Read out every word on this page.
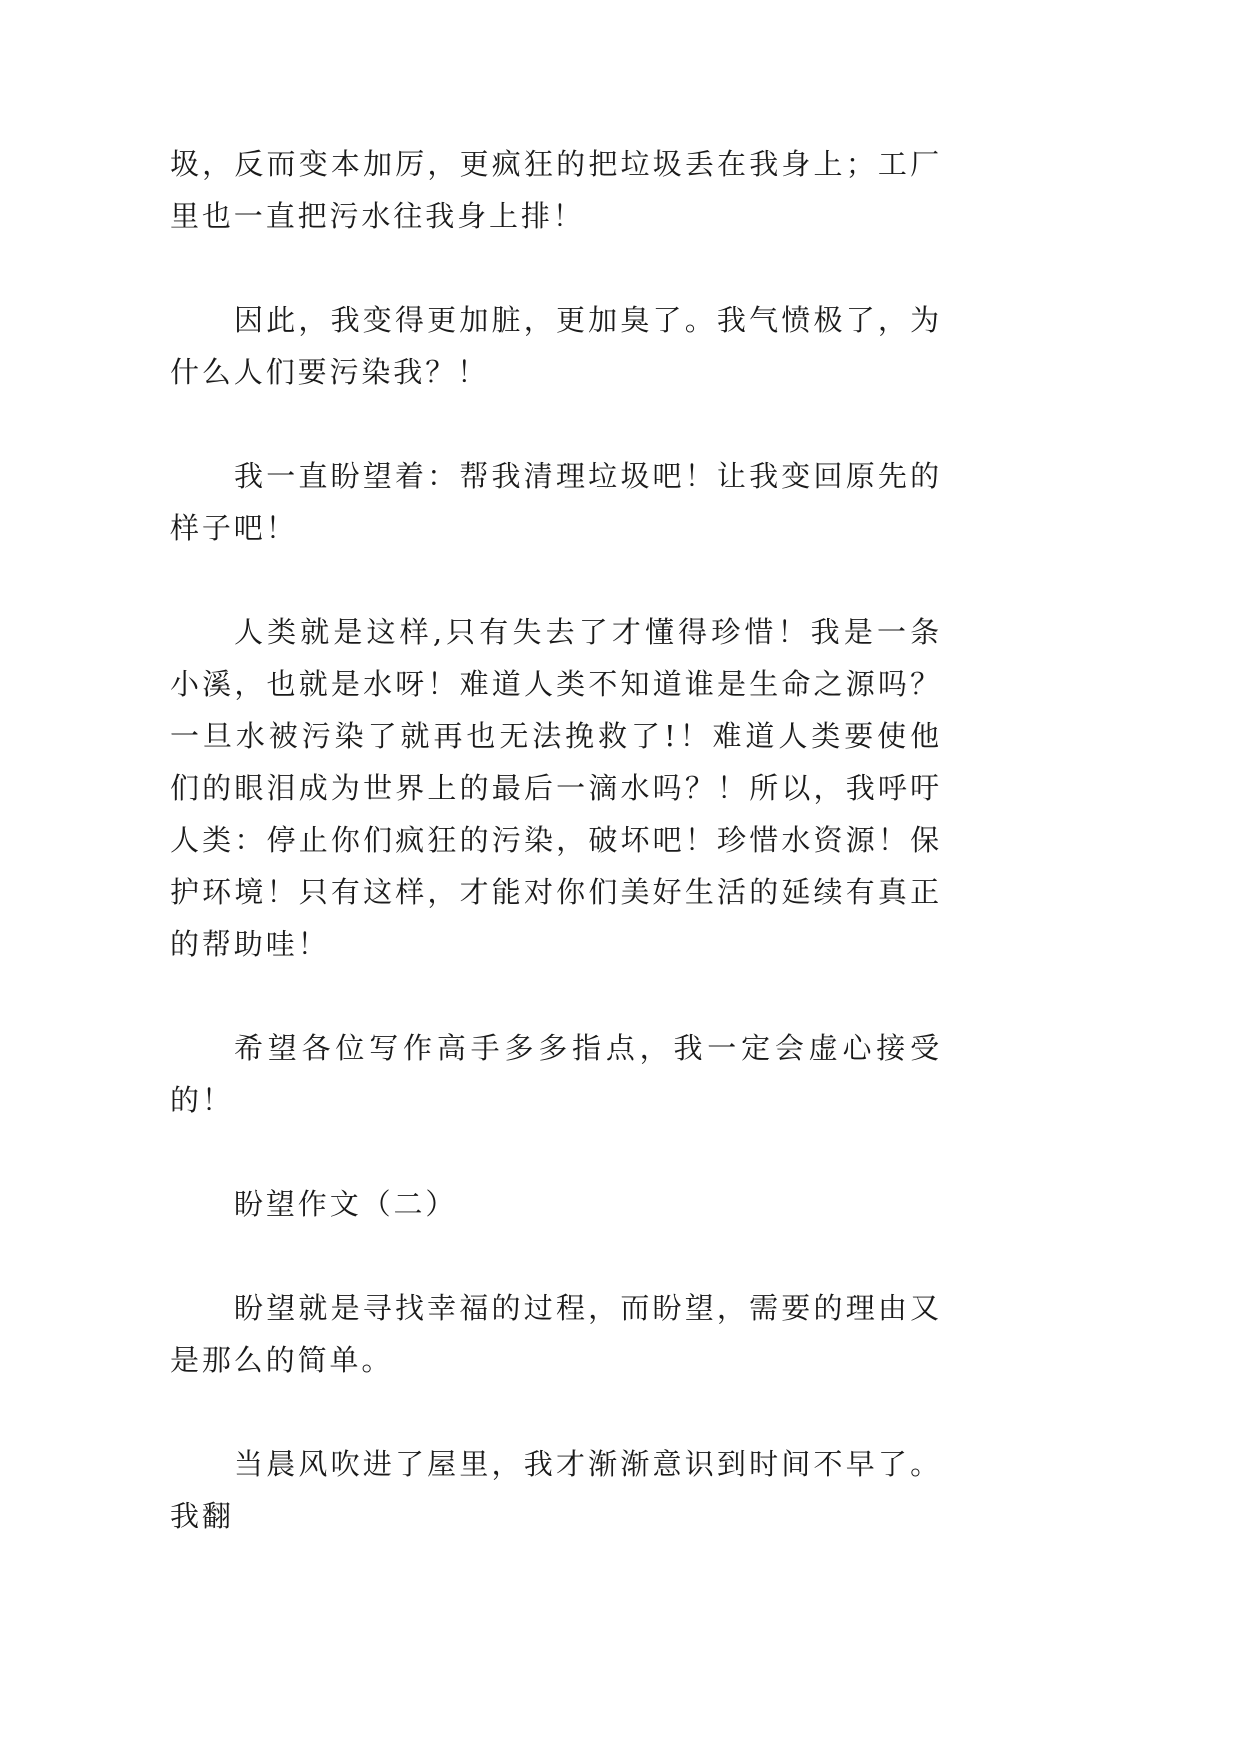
圾，反而变本加厉，更疯狂的把垃圾丢在我身上；工厂里也一直把污水往我身上排！

因此，我变得更加脏，更加臭了。我气愤极了，为什么人们要污染我？！

我一直盼望着：帮我清理垃圾吧！让我变回原先的样子吧！

人类就是这样,只有失去了才懂得珍惜！我是一条小溪，也就是水呀！难道人类不知道谁是生命之源吗？一旦水被污染了就再也无法挽救了!！难道人类要使他们的眼泪成为世界上的最后一滴水吗？！所以，我呼吁人类：停止你们疯狂的污染，破坏吧！珍惜水资源！保护环境！只有这样，才能对你们美好生活的延续有真正的帮助哇！

希望各位写作高手多多指点，我一定会虚心接受的！

盼望作文（二）

盼望就是寻找幸福的过程，而盼望，需要的理由又是那么的简单。

当晨风吹进了屋里，我才渐渐意识到时间不早了。我翻
